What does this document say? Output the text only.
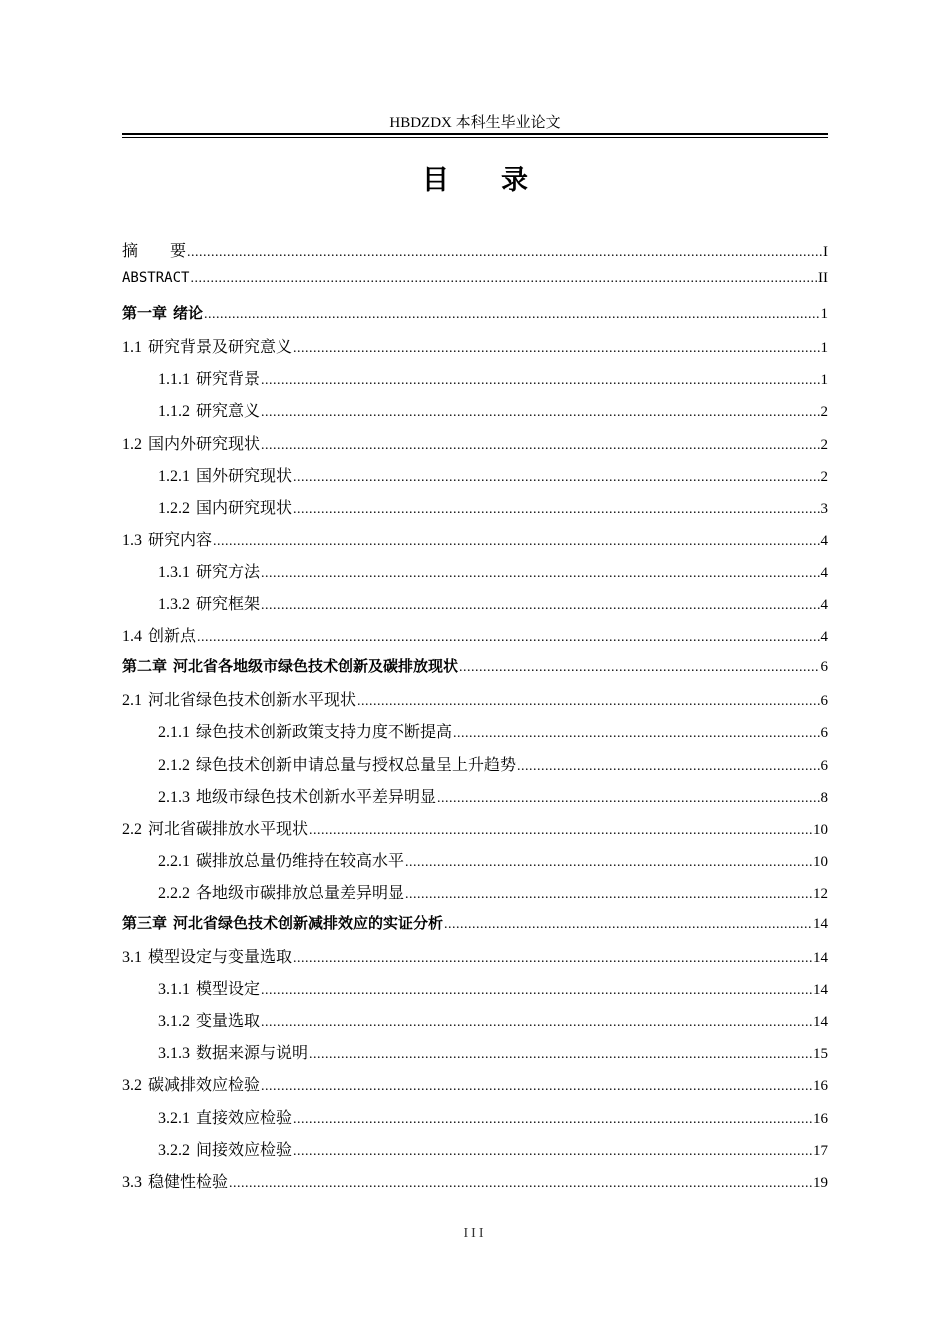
HBDZDX 本科生毕业论文
目录
摘　　要 .....	I
ABSTRACT .....	II
第一章 绪论 .....	1
1.1 研究背景及研究意义 .....	1
1.1.1 研究背景 .....	1
1.1.2 研究意义 .....	2
1.2 国内外研究现状 .....	2
1.2.1 国外研究现状 .....	2
1.2.2 国内研究现状 .....	3
1.3 研究内容 .....	4
1.3.1 研究方法 .....	4
1.3.2 研究框架 .....	4
1.4 创新点 .....	4
第二章 河北省各地级市绿色技术创新及碳排放现状 .....	6
2.1 河北省绿色技术创新水平现状 .....	6
2.1.1 绿色技术创新政策支持力度不断提高 .....	6
2.1.2 绿色技术创新申请总量与授权总量呈上升趋势 .....	6
2.1.3 地级市绿色技术创新水平差异明显 .....	8
2.2 河北省碳排放水平现状 .....	10
2.2.1 碳排放总量仍维持在较高水平 .....	10
2.2.2 各地级市碳排放总量差异明显 .....	12
第三章 河北省绿色技术创新减排效应的实证分析 .....	14
3.1 模型设定与变量选取 .....	14
3.1.1 模型设定 .....	14
3.1.2 变量选取 .....	14
3.1.3 数据来源与说明 .....	15
3.2 碳减排效应检验 .....	16
3.2.1 直接效应检验 .....	16
3.2.2 间接效应检验 .....	17
3.3 稳健性检验 .....	19
III
